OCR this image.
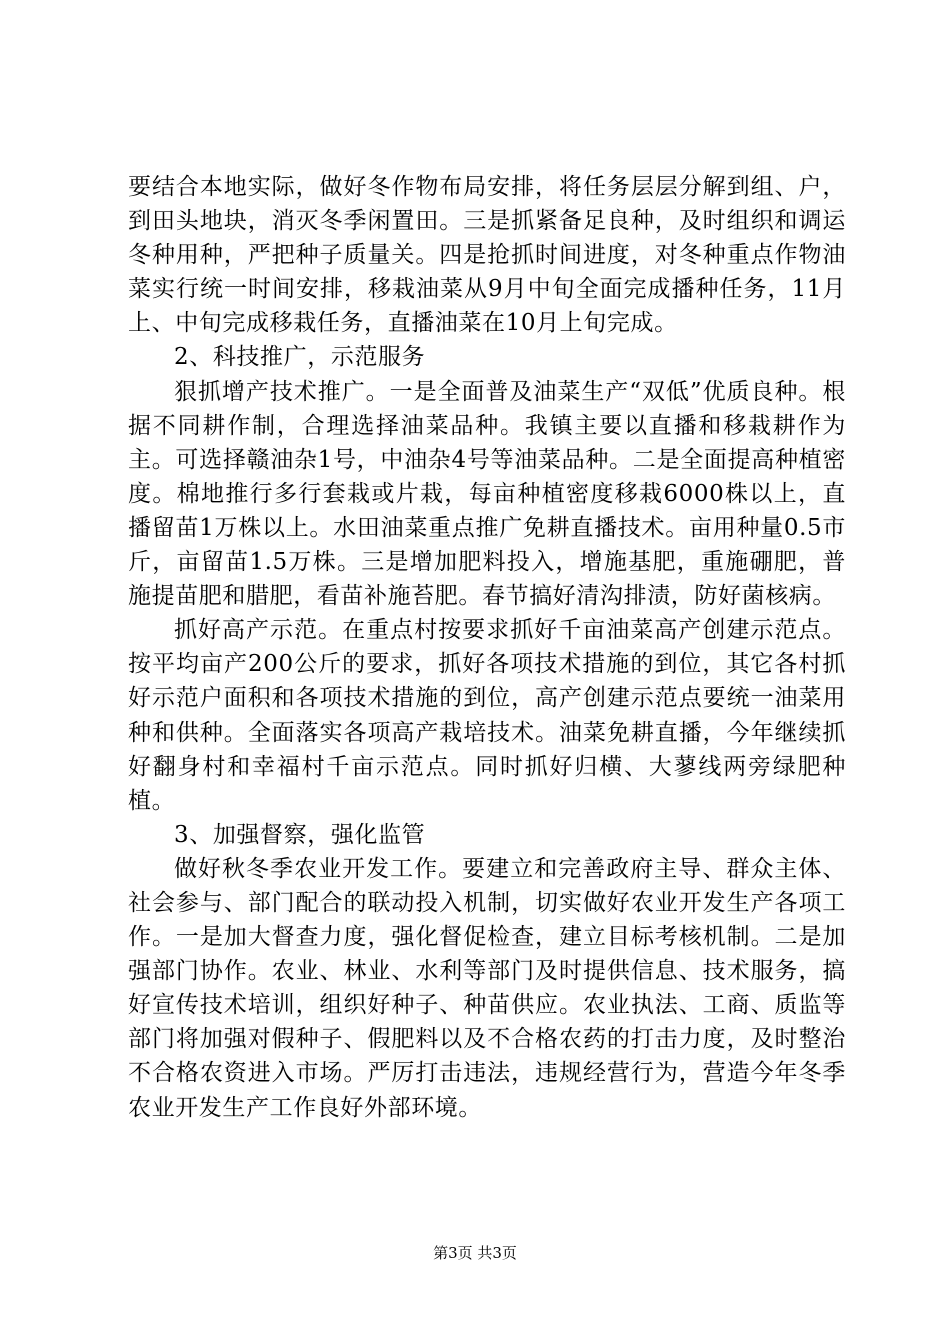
要结合本地实际，做好冬作物布局安排，将任务层层分解到组、户，到田头地块，消灭冬季闲置田。三是抓紧备足良种，及时组织和调运冬种用种，严把种子质量关。四是抢抓时间进度，对冬种重点作物油菜实行统一时间安排，移栽油菜从9月中旬全面完成播种任务，11月上、中旬完成移栽任务，直播油菜在10月上旬完成。

2、科技推广，示范服务

狠抓增产技术推广。一是全面普及油菜生产“双低”优质良种。根据不同耕作制，合理选择油菜品种。我镇主要以直播和移栽耕作为主。可选择赣油杂1号，中油杂4号等油菜品种。二是全面提高种植密度。棉地推行多行套栽或片栽，每亩种植密度移栽6000株以上，直播留苗1万株以上。水田油菜重点推广免耕直播技术。亩用种量0.5市斤，亩留苗1.5万株。三是增加肥料投入，增施基肥，重施硼肥，普施提苗肥和腊肥，看苗补施苔肥。春节搞好清沟排渍，防好菌核病。

抓好高产示范。在重点村按要求抓好千亩油菜高产创建示范点。按平均亩产200公斤的要求，抓好各项技术措施的到位，其它各村抓好示范户面积和各项技术措施的到位，高产创建示范点要统一油菜用种和供种。全面落实各项高产栽培技术。油菜免耕直播，今年继续抓好翻身村和幸福村千亩示范点。同时抓好归横、大蓼线两旁绿肥种植。

3、加强督察，强化监管

做好秋冬季农业开发工作。要建立和完善政府主导、群众主体、社会参与、部门配合的联动投入机制，切实做好农业开发生产各项工作。一是加大督查力度，强化督促检查，建立目标考核机制。二是加强部门协作。农业、林业、水利等部门及时提供信息、技术服务，搞好宣传技术培训，组织好种子、种苗供应。农业执法、工商、质监等部门将加强对假种子、假肥料以及不合格农药的打击力度，及时整治不合格农资进入市场。严厉打击违法，违规经营行为，营造今年冬季农业开发生产工作良好外部环境。

第3页 共3页
